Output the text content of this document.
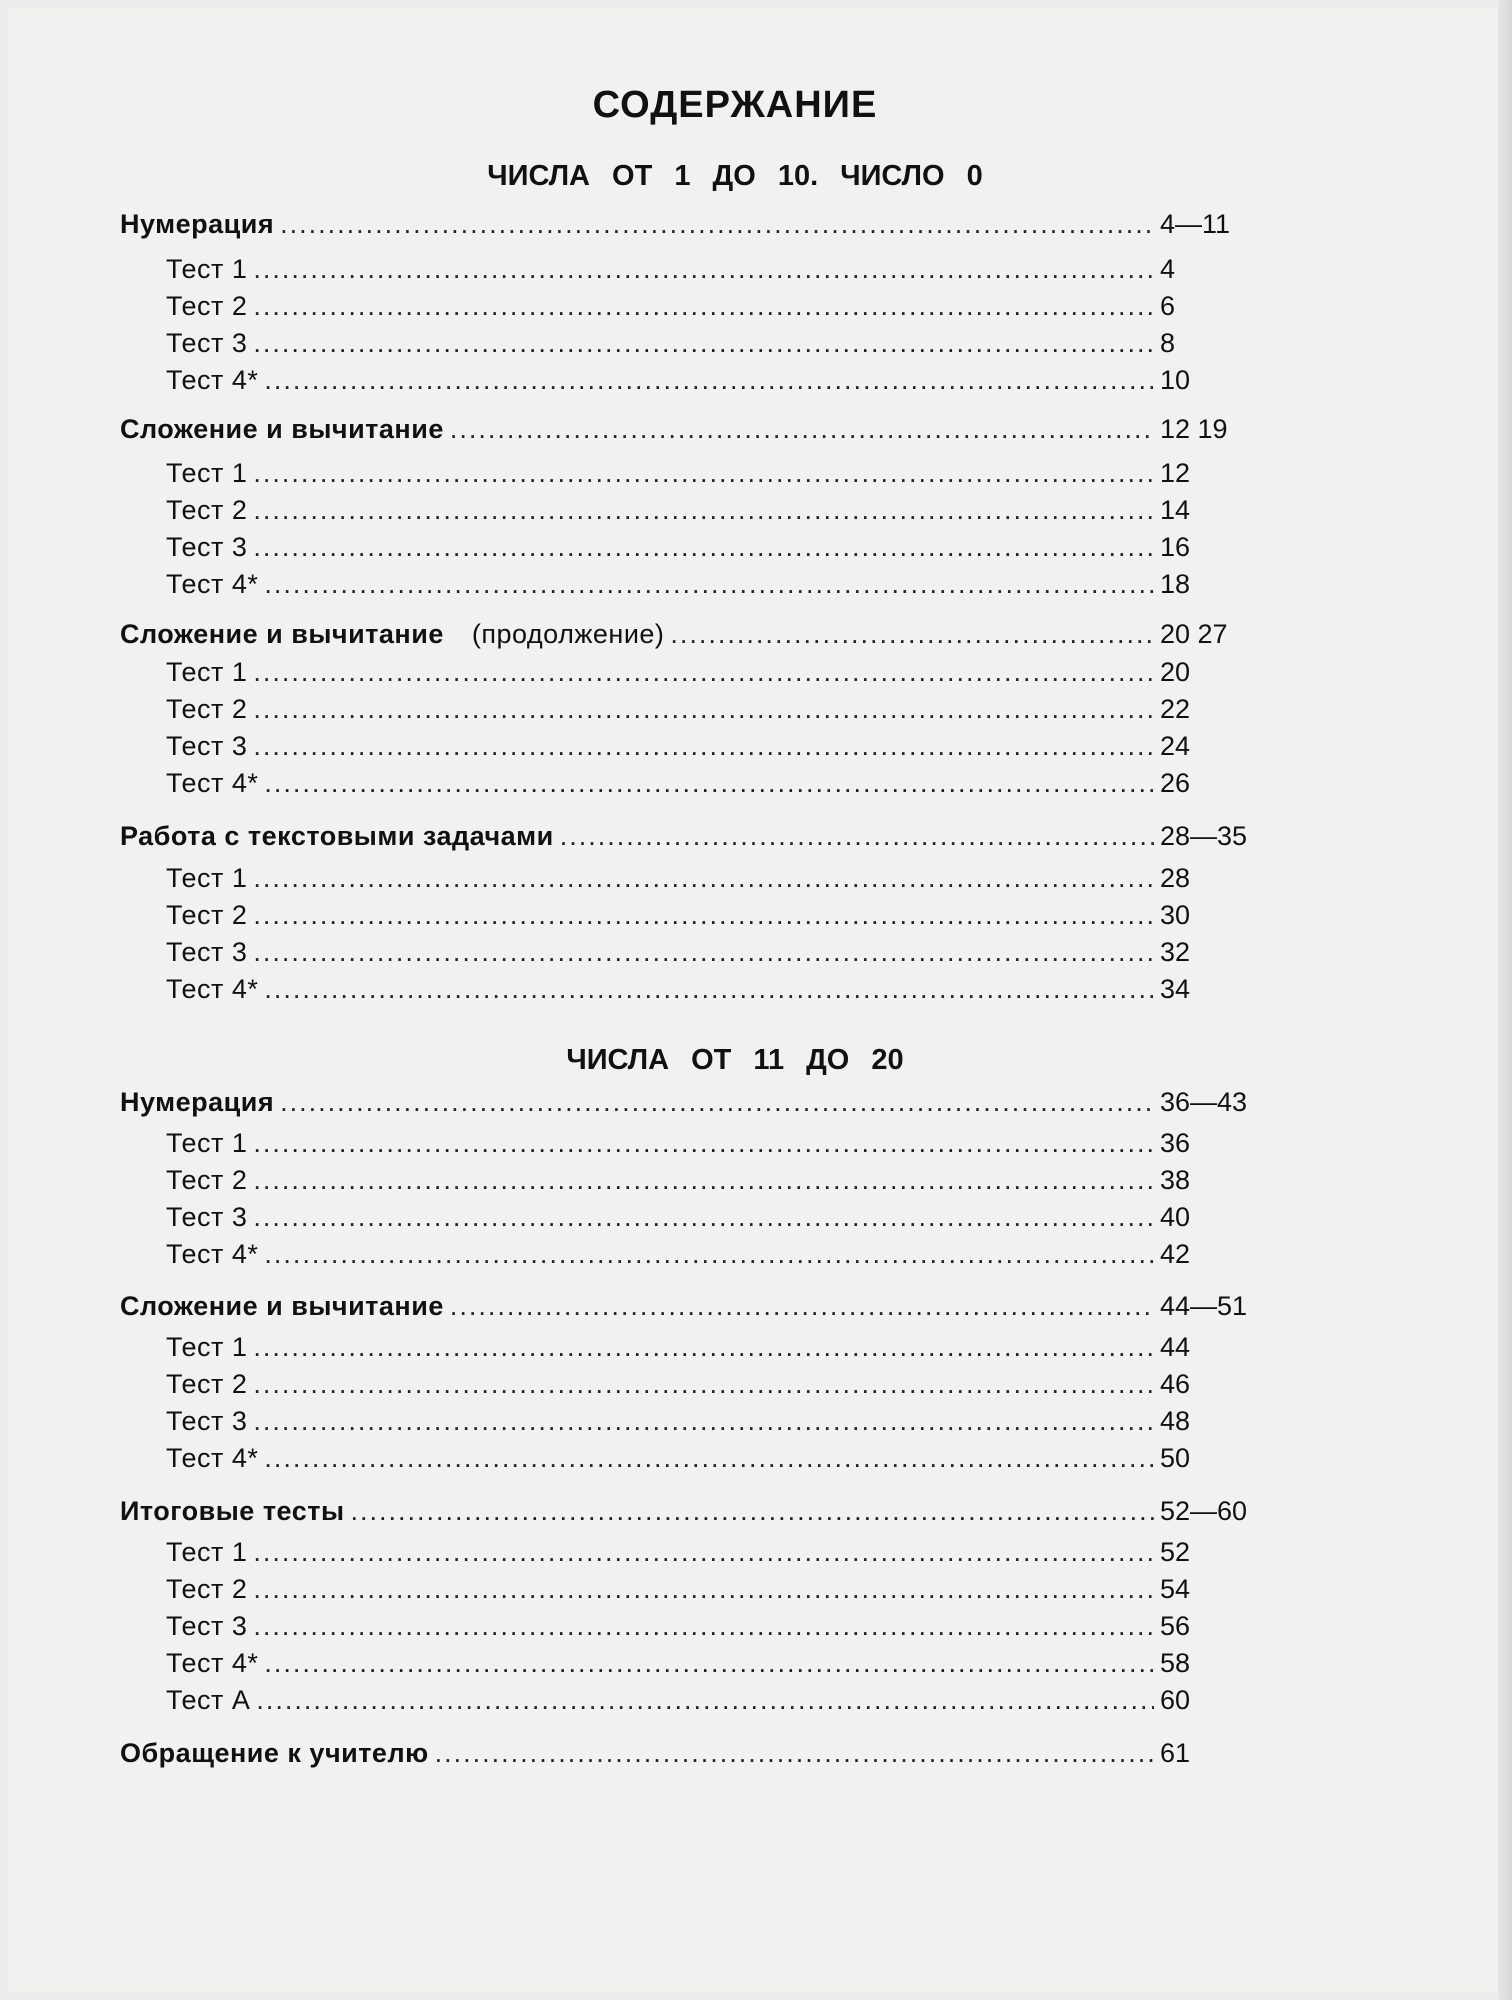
СОДЕРЖАНИЕ
ЧИСЛА ОТ 1 ДО 10. ЧИСЛО 0
Нумерация .....	4—11
Тест 1 .....	4
Тест 2 .....	6
Тест 3 .....	8
Тест 4* .....	10
Сложение и вычитание .....	12 19
Тест 1 .....	12
Тест 2 .....	14
Тест 3 .....	16
Тест 4* .....	18
Сложение и вычитание (продолжение) .....	20 27
Тест 1 .....	20
Тест 2 .....	22
Тест 3 .....	24
Тест 4* .....	26
Работа с текстовыми задачами .....	28—35
Тест 1 .....	28
Тест 2 .....	30
Тест 3 .....	32
Тест 4* .....	34
ЧИСЛА ОТ 11 ДО 20
Нумерация .....	36—43
Тест 1 .....	36
Тест 2 .....	38
Тест 3 .....	40
Тест 4* .....	42
Сложение и вычитание .....	44—51
Тест 1 .....	44
Тест 2 .....	46
Тест 3 .....	48
Тест 4* .....	50
Итоговые тесты .....	52—60
Тест 1 .....	52
Тест 2 .....	54
Тест 3 .....	56
Тест 4* .....	58
Тест А .....	60
Обращение к учителю .....	61
